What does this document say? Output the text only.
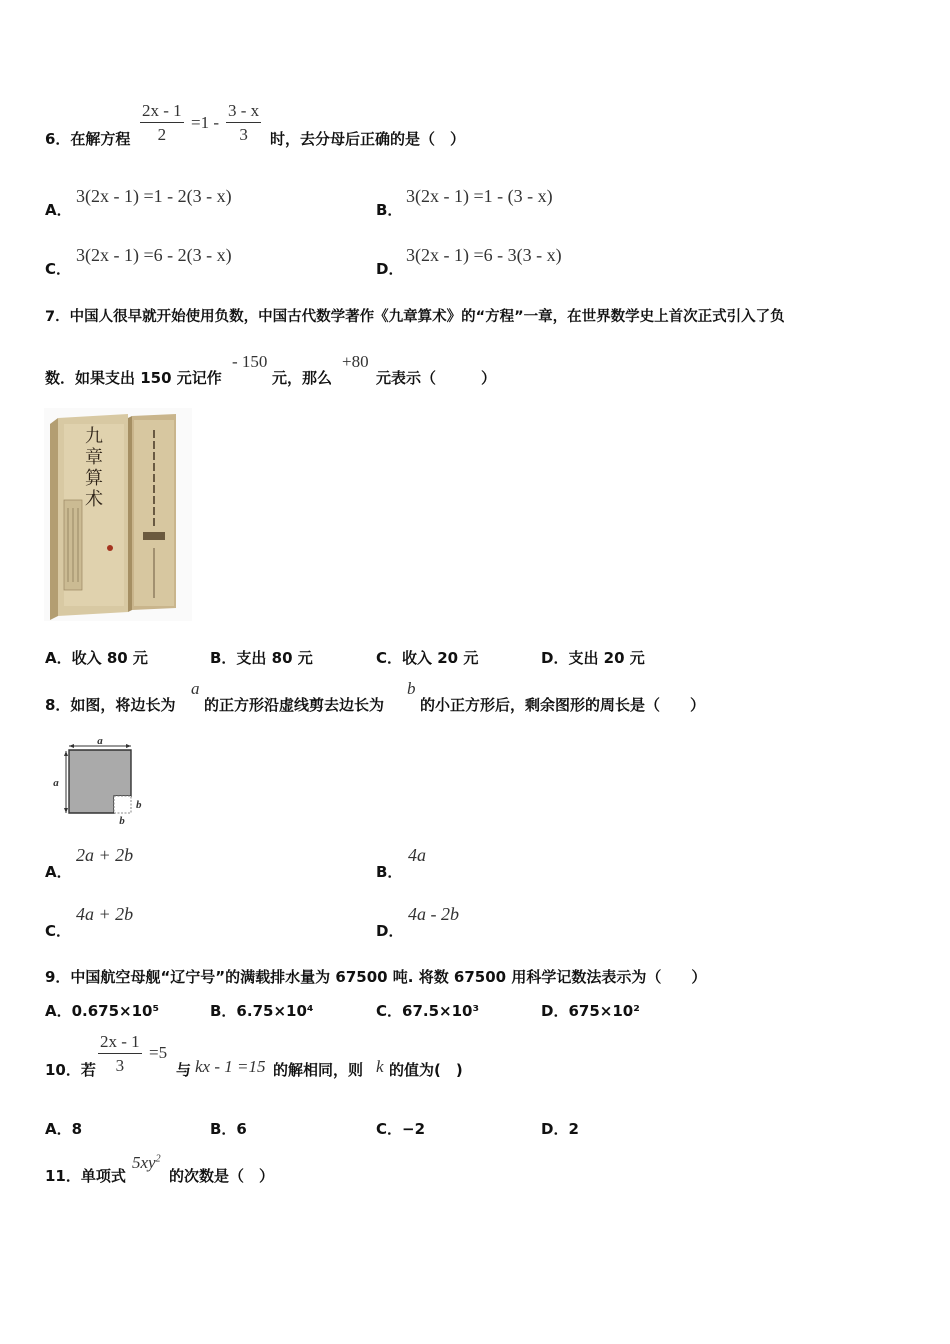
6．在解方程 $\frac{2x - 1}{2} =1 - \frac{3 - x}{3}$ 时，去分母后正确的是（　）
A．
3(2x - 1) =1 - 2(3 - x)
B．
3(2x - 1) =1 - (3 - x)
C．
3(2x - 1) =6 - 2(3 - x)
D．
3(2x - 1) =6 - 3(3 - x)
7．中国人很早就开始使用负数，中国古代数学著作《九章算术》的“方程”一章，在世界数学史上首次正式引入了负
数．如果支出 150 元记作
- 150
元，那么
+80
元表示（　　　）
九章算术
A．收入 80 元	B．支出 80 元	C．收入 20 元	D．支出 20 元
8．如图，将边长为
a
的正方形沿虚线剪去边长为
b
的小正方形后，剩余图形的周长是（　　）
a
a
b
b
A．
2a + 2b
B．
4a
C．
4a + 2b
D．
4a - 2b
9．中国航空母舰“辽宁号”的满载排水量为 67500 吨. 将数 67500 用科学记数法表示为（　　）
A．0.675×10⁵	B．6.75×10⁴	C．67.5×10³	D．675×10²
10．若 $\frac{2x - 1}{3} =5$
与 kx - 1 =15 的解相同，则 k 的值为(　)
A．8	B．6	C．−2	D．2
11．单项式
$5xy^2$
的次数是（　）
